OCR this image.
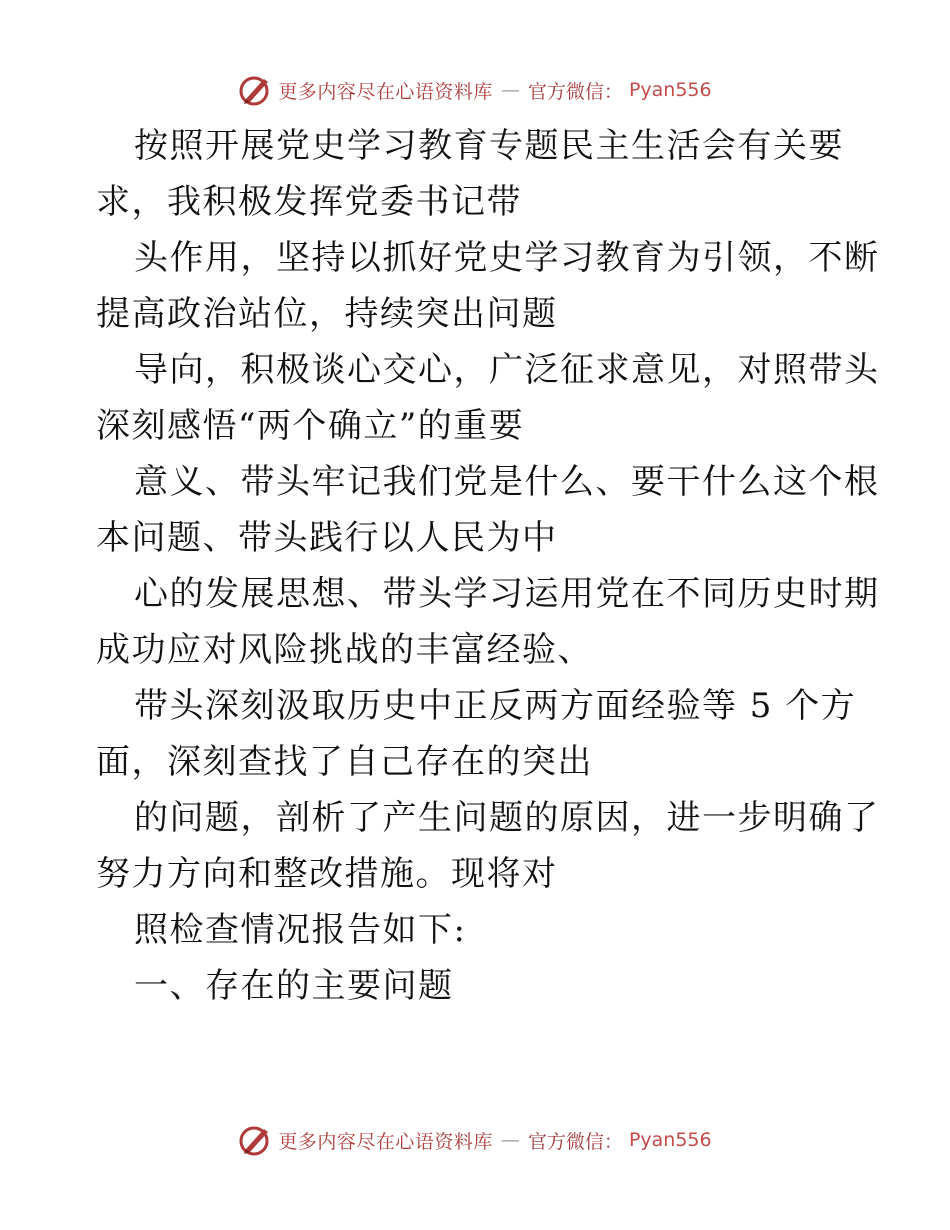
更多内容尽在心语资料库 — 官方微信： Pyan556
按照开展党史学习教育专题民主生活会有关要
求，我积极发挥党委书记带
头作用，坚持以抓好党史学习教育为引领，不断
提高政治站位，持续突出问题
导向，积极谈心交心，广泛征求意见，对照带头
深刻感悟“两个确立”的重要
意义、带头牢记我们党是什么、要干什么这个根
本问题、带头践行以人民为中
心的发展思想、带头学习运用党在不同历史时期
成功应对风险挑战的丰富经验、
带头深刻汲取历史中正反两方面经验等 5 个方
面，深刻查找了自己存在的突出
的问题，剖析了产生问题的原因，进一步明确了
努力方向和整改措施。现将对
照检查情况报告如下:
一、存在的主要问题
更多内容尽在心语资料库 — 官方微信： Pyan556
